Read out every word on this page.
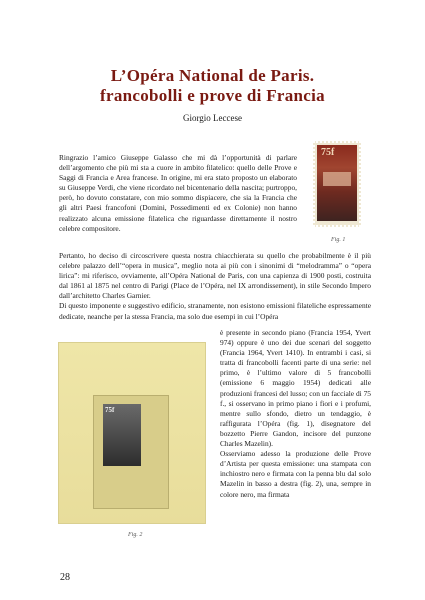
L’Opéra National de Paris.
francobolli e prove di Francia

Giorgio Leccese

Ringrazio l’amico Giuseppe Galasso che mi dà l’opportunità di parlare dell’argomento che più mi sta a cuore in ambito filatelico: quello delle Prove e Saggi di Francia e Area francese. In origine, mi era stato proposto un elaborato su Giuseppe Verdi, che viene ricordato nel bicentenario della nascita; purtroppo, però, ho dovuto constatare, con mio sommo dispiacere, che sia la Francia che gli altri Paesi francofoni (Domini, Possedimenti ed ex Colonie) non hanno realizzato alcuna emissione filatelica che riguardasse direttamente il nostro celebre compositore.

75f
Fig. 1

Pertanto, ho deciso di circoscrivere questa nostra chiacchierata su quello che probabilmente è il più celebre palazzo dell’“opera in musica”, meglio nota ai più con i sinonimi di “melodramma” o “opera lirica”: mi riferisco, ovviamente, all’Opéra National de Paris, con una capienza di 1900 posti, costruita dal 1861 al 1875 nel centro di Parigi (Place de l’Opéra, nel IX arrondissement), in stile Secondo Impero dall’architetto Charles Garnier.

Di questo imponente e suggestivo edificio, stranamente, non esistono emissioni filateliche espressamente dedicate, neanche per la stessa Francia, ma solo due esempi in cui l’Opéra

75f
Fig. 2

è presente in secondo piano (Francia 1954, Yvert 974) oppure è uno dei due scenari del soggetto (Francia 1964, Yvert 1410). In entrambi i casi, si tratta di francobolli facenti parte di una serie: nel primo, è l’ultimo valore di 5 francobolli (emissione 6 maggio 1954) dedicati alle produzioni francesi del lusso; con un facciale di 75 f., si osservano in primo piano i fiori e i profumi, mentre sullo sfondo, dietro un tendaggio, è raffigurata l’Opéra (fig. 1), disegnatore del bozzetto Pierre Gandon, incisore del punzone Charles Mazelin).

Osserviamo adesso la produzione delle Prove d’Artista per questa emissione: una stampata con inchiostro nero e firmata con la penna blu dal solo Mazelin in basso a destra (fig. 2), una, sempre in colore nero, ma firmata

28
